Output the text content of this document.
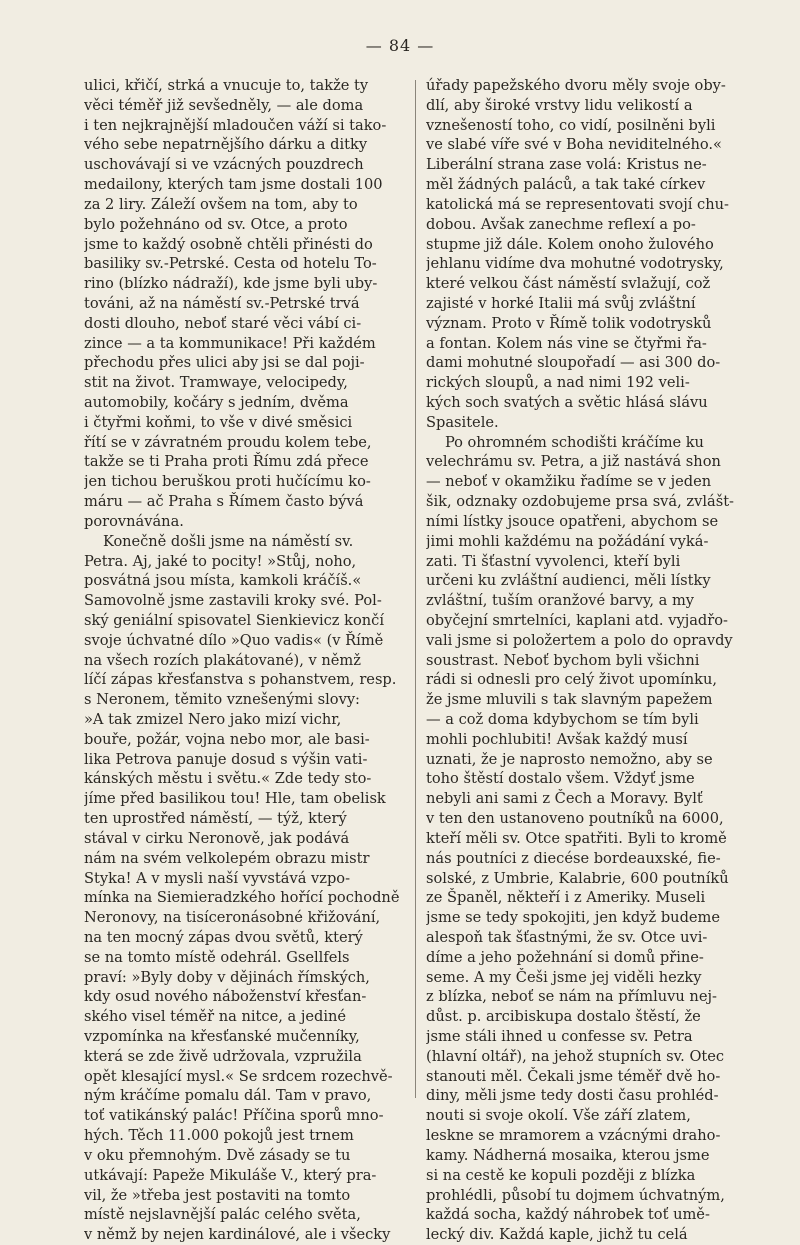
— 84 —
ulici, křičí, strká a vnucuje to, takže ty
věci téměř již sevšedněly, — ale doma
i ten nejkrajnější mladoučen váží si tako-
vého sebe nepatrnějšího dárku a ditky
uschovávají si ve vzácných pouzdrech
medailony, kterých tam jsme dostali 100
za 2 liry. Záleží ovšem na tom, aby to
bylo požehnáno od sv. Otce, a proto
jsme to každý osobně chtěli přinésti do
basiliky sv.-Petrské. Cesta od hotelu To-
rino (blízko nádraží), kde jsme byli uby-
továni, až na náměstí sv.-Petrské trvá
dosti dlouho, neboť staré věci vábí ci-
zince — a ta kommunikace! Při každém
přechodu přes ulici aby jsi se dal poji-
stit na život. Tramwaye, velocipedy,
automobily, kočáry s jedním, dvěma
i čtyřmi koňmi, to vše v divé směsici
řítí se v závratném proudu kolem tebe,
takže se ti Praha proti Římu zdá přece
jen tichou beruškou proti hučícímu ko-
máru — ač Praha s Římem často bývá
porovnávána.
Konečně došli jsme na náměstí sv.
Petra. Aj, jaké to pocity! »Stůj, noho,
posvátná jsou místa, kamkoli kráčíš.«
Samovolně jsme zastavili kroky své. Pol-
ský geniální spisovatel Sienkievicz končí
svoje úchvatné dílo »Quo vadis« (v Římě
na všech rozích plakátované), v němž
líčí zápas křesťanstva s pohanstvem, resp.
s Neronem, těmito vznešenými slovy:
»A tak zmizel Nero jako mizí vichr,
bouře, požár, vojna nebo mor, ale basi-
lika Petrova panuje dosud s výšin vati-
kánských městu i světu.« Zde tedy sto-
jíme před basilikou tou! Hle, tam obelisk
ten uprostřed náměstí, — týž, který
stával v cirku Neronově, jak podává
nám na svém velkolepém obrazu mistr
Styka! A v mysli naší vyvstává vzpo-
mínka na Siemieradzkého hořící pochodně
Neronovy, na tisíceronásobné křižování,
na ten mocný zápas dvou světů, který
se na tomto místě odehrál. Gsellfels
praví: »Byly doby v dějinách římských,
kdy osud nového náboženství křesťan-
ského visel téměř na nitce, a jediné
vzpomínka na křesťanské mučenníky,
která se zde živě udržovala, vzpružila
opět klesající mysl.« Se srdcem rozechvě-
ným kráčíme pomalu dál. Tam v pravo,
toť vatikánský palác! Příčina sporů mno-
hých. Těch 11.000 pokojů jest trnem
v oku přemnohým. Dvě zásady se tu
utkávají: Papeže Mikuláše V., který pra-
vil, že »třeba jest postaviti na tomto
místě nejslavnější palác celého světa,
v němž by nejen kardinálové, ale i všecky
úřady papežského dvoru měly svoje oby-
dlí, aby široké vrstvy lidu velikostí a
vznešeností toho, co vidí, posilněni byli
ve slabé víře své v Boha neviditelného.«
Liberální strana zase volá: Kristus ne-
měl žádných paláců, a tak také církev
katolická má se representovati svojí chu-
dobou. Avšak zanechme reflexí a po-
stupme již dále. Kolem onoho žulového
jehlanu vidíme dva mohutné vodotrysky,
které velkou část náměstí svlažují, což
zajisté v horké Italii má svůj zvláštní
význam. Proto v Římě tolik vodotrysků
a fontan. Kolem nás vine se čtyřmi řa-
dami mohutné sloupořadí — asi 300 do-
rických sloupů, a nad nimi 192 veli-
kých soch svatých a světic hlásá slávu
Spasitele.
Po ohromném schodišti kráčíme ku
velechrámu sv. Petra, a již nastává shon
— neboť v okamžiku řadíme se v jeden
šik, odznaky ozdobujeme prsa svá, zvlášt-
ními lístky jsouce opatřeni, abychom se
jimi mohli každému na požádání vyká-
zati. Ti šťastní vyvolenci, kteří byli
určeni ku zvláštní audienci, měli lístky
zvláštní, tuším oranžové barvy, a my
obyčejní smrtelníci, kaplani atd. vyjadřo-
vali jsme si položertem a polo do opravdy
soustrast. Neboť bychom byli všichni
rádi si odnesli pro celý život upomínku,
že jsme mluvili s tak slavným papežem
— a což doma kdybychom se tím byli
mohli pochlubiti! Avšak každý musí
uznati, že je naprosto nemožno, aby se
toho štěstí dostalo všem. Vždyť jsme
nebyli ani sami z Čech a Moravy. Bylť
v ten den ustanoveno poutníků na 6000,
kteří měli sv. Otce spatřiti. Byli to kromě
nás poutníci z diecése bordeauxské, fie-
solské, z Umbrie, Kalabrie, 600 poutníků
ze Španěl, někteří i z Ameriky. Museli
jsme se tedy spokojiti, jen když budeme
alespoň tak šťastnými, že sv. Otce uvi-
díme a jeho požehnání si domů přine-
seme. A my Češi jsme jej viděli hezky
z blízka, neboť se nám na přímluvu nej-
důst. p. arcibiskupa dostalo štěstí, že
jsme stáli ihned u confesse sv. Petra
(hlavní oltář), na jehož stupních sv. Otec
stanouti měl. Čekali jsme téměř dvě ho-
diny, měli jsme tedy dosti času prohléd-
nouti si svoje okolí. Vše září zlatem,
leskne se mramorem a vzácnými draho-
kamy. Nádherná mosaika, kterou jsme
si na cestě ke kopuli později z blízka
prohlédli, působí tu dojmem úchvatným,
každá socha, každý náhrobek toť umě-
lecký div. Každá kaple, jichž tu celá
